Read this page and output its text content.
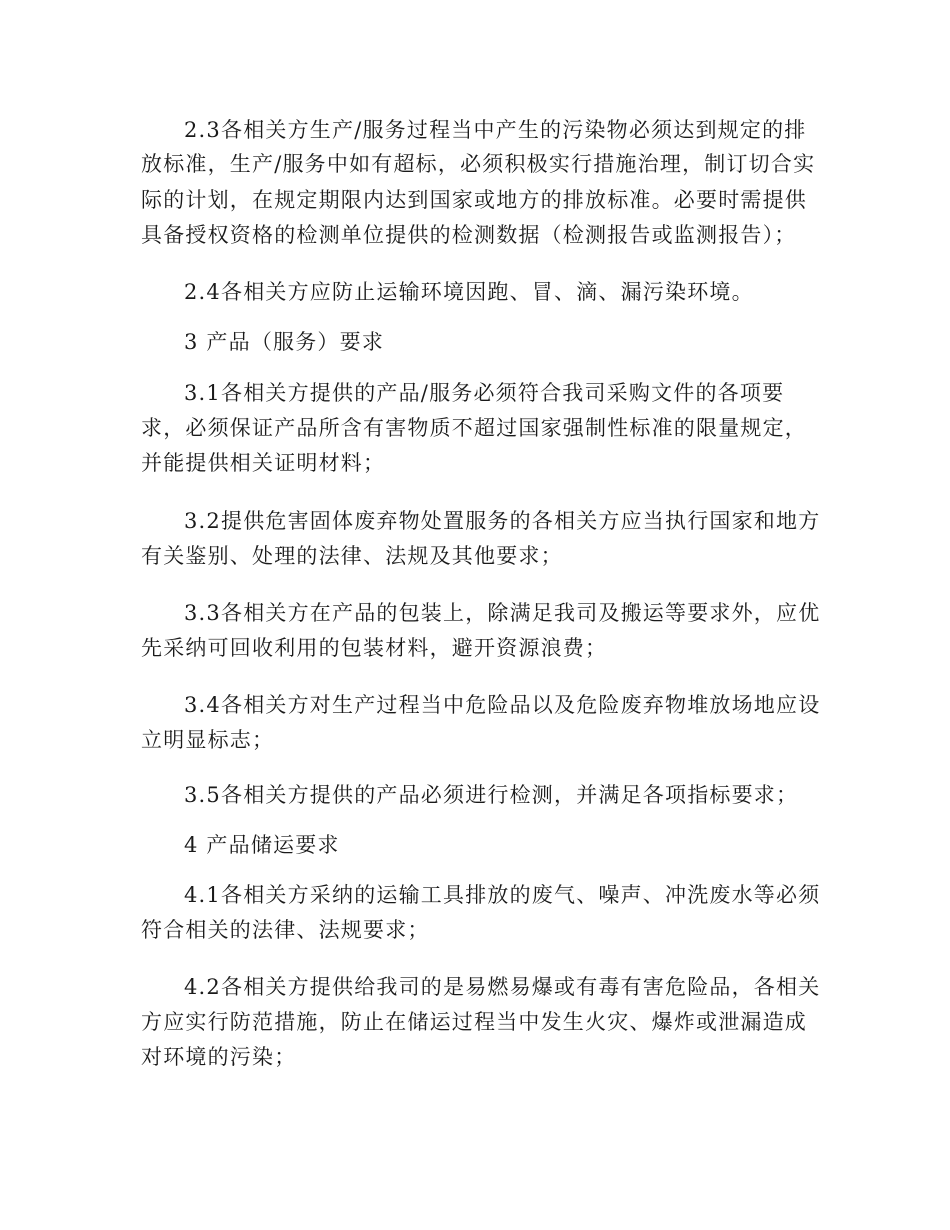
2.3各相关方生产/服务过程当中产生的污染物必须达到规定的排
放标准，生产/服务中如有超标，必须积极实行措施治理，制订切合实
际的计划，在规定期限内达到国家或地方的排放标准。必要时需提供
具备授权资格的检测单位提供的检测数据（检测报告或监测报告）；
2.4各相关方应防止运输环境因跑、冒、滴、漏污染环境。
3 产品（服务）要求
3.1各相关方提供的产品/服务必须符合我司采购文件的各项要
求，必须保证产品所含有害物质不超过国家强制性标准的限量规定，
并能提供相关证明材料；
3.2提供危害固体废弃物处置服务的各相关方应当执行国家和地方
有关鉴别、处理的法律、法规及其他要求；
3.3各相关方在产品的包装上，除满足我司及搬运等要求外，应优
先采纳可回收利用的包装材料，避开资源浪费；
3.4各相关方对生产过程当中危险品以及危险废弃物堆放场地应设
立明显标志；
3.5各相关方提供的产品必须进行检测，并满足各项指标要求；
4 产品储运要求
4.1各相关方采纳的运输工具排放的废气、噪声、冲洗废水等必须
符合相关的法律、法规要求；
4.2各相关方提供给我司的是易燃易爆或有毒有害危险品，各相关
方应实行防范措施，防止在储运过程当中发生火灾、爆炸或泄漏造成
对环境的污染；
